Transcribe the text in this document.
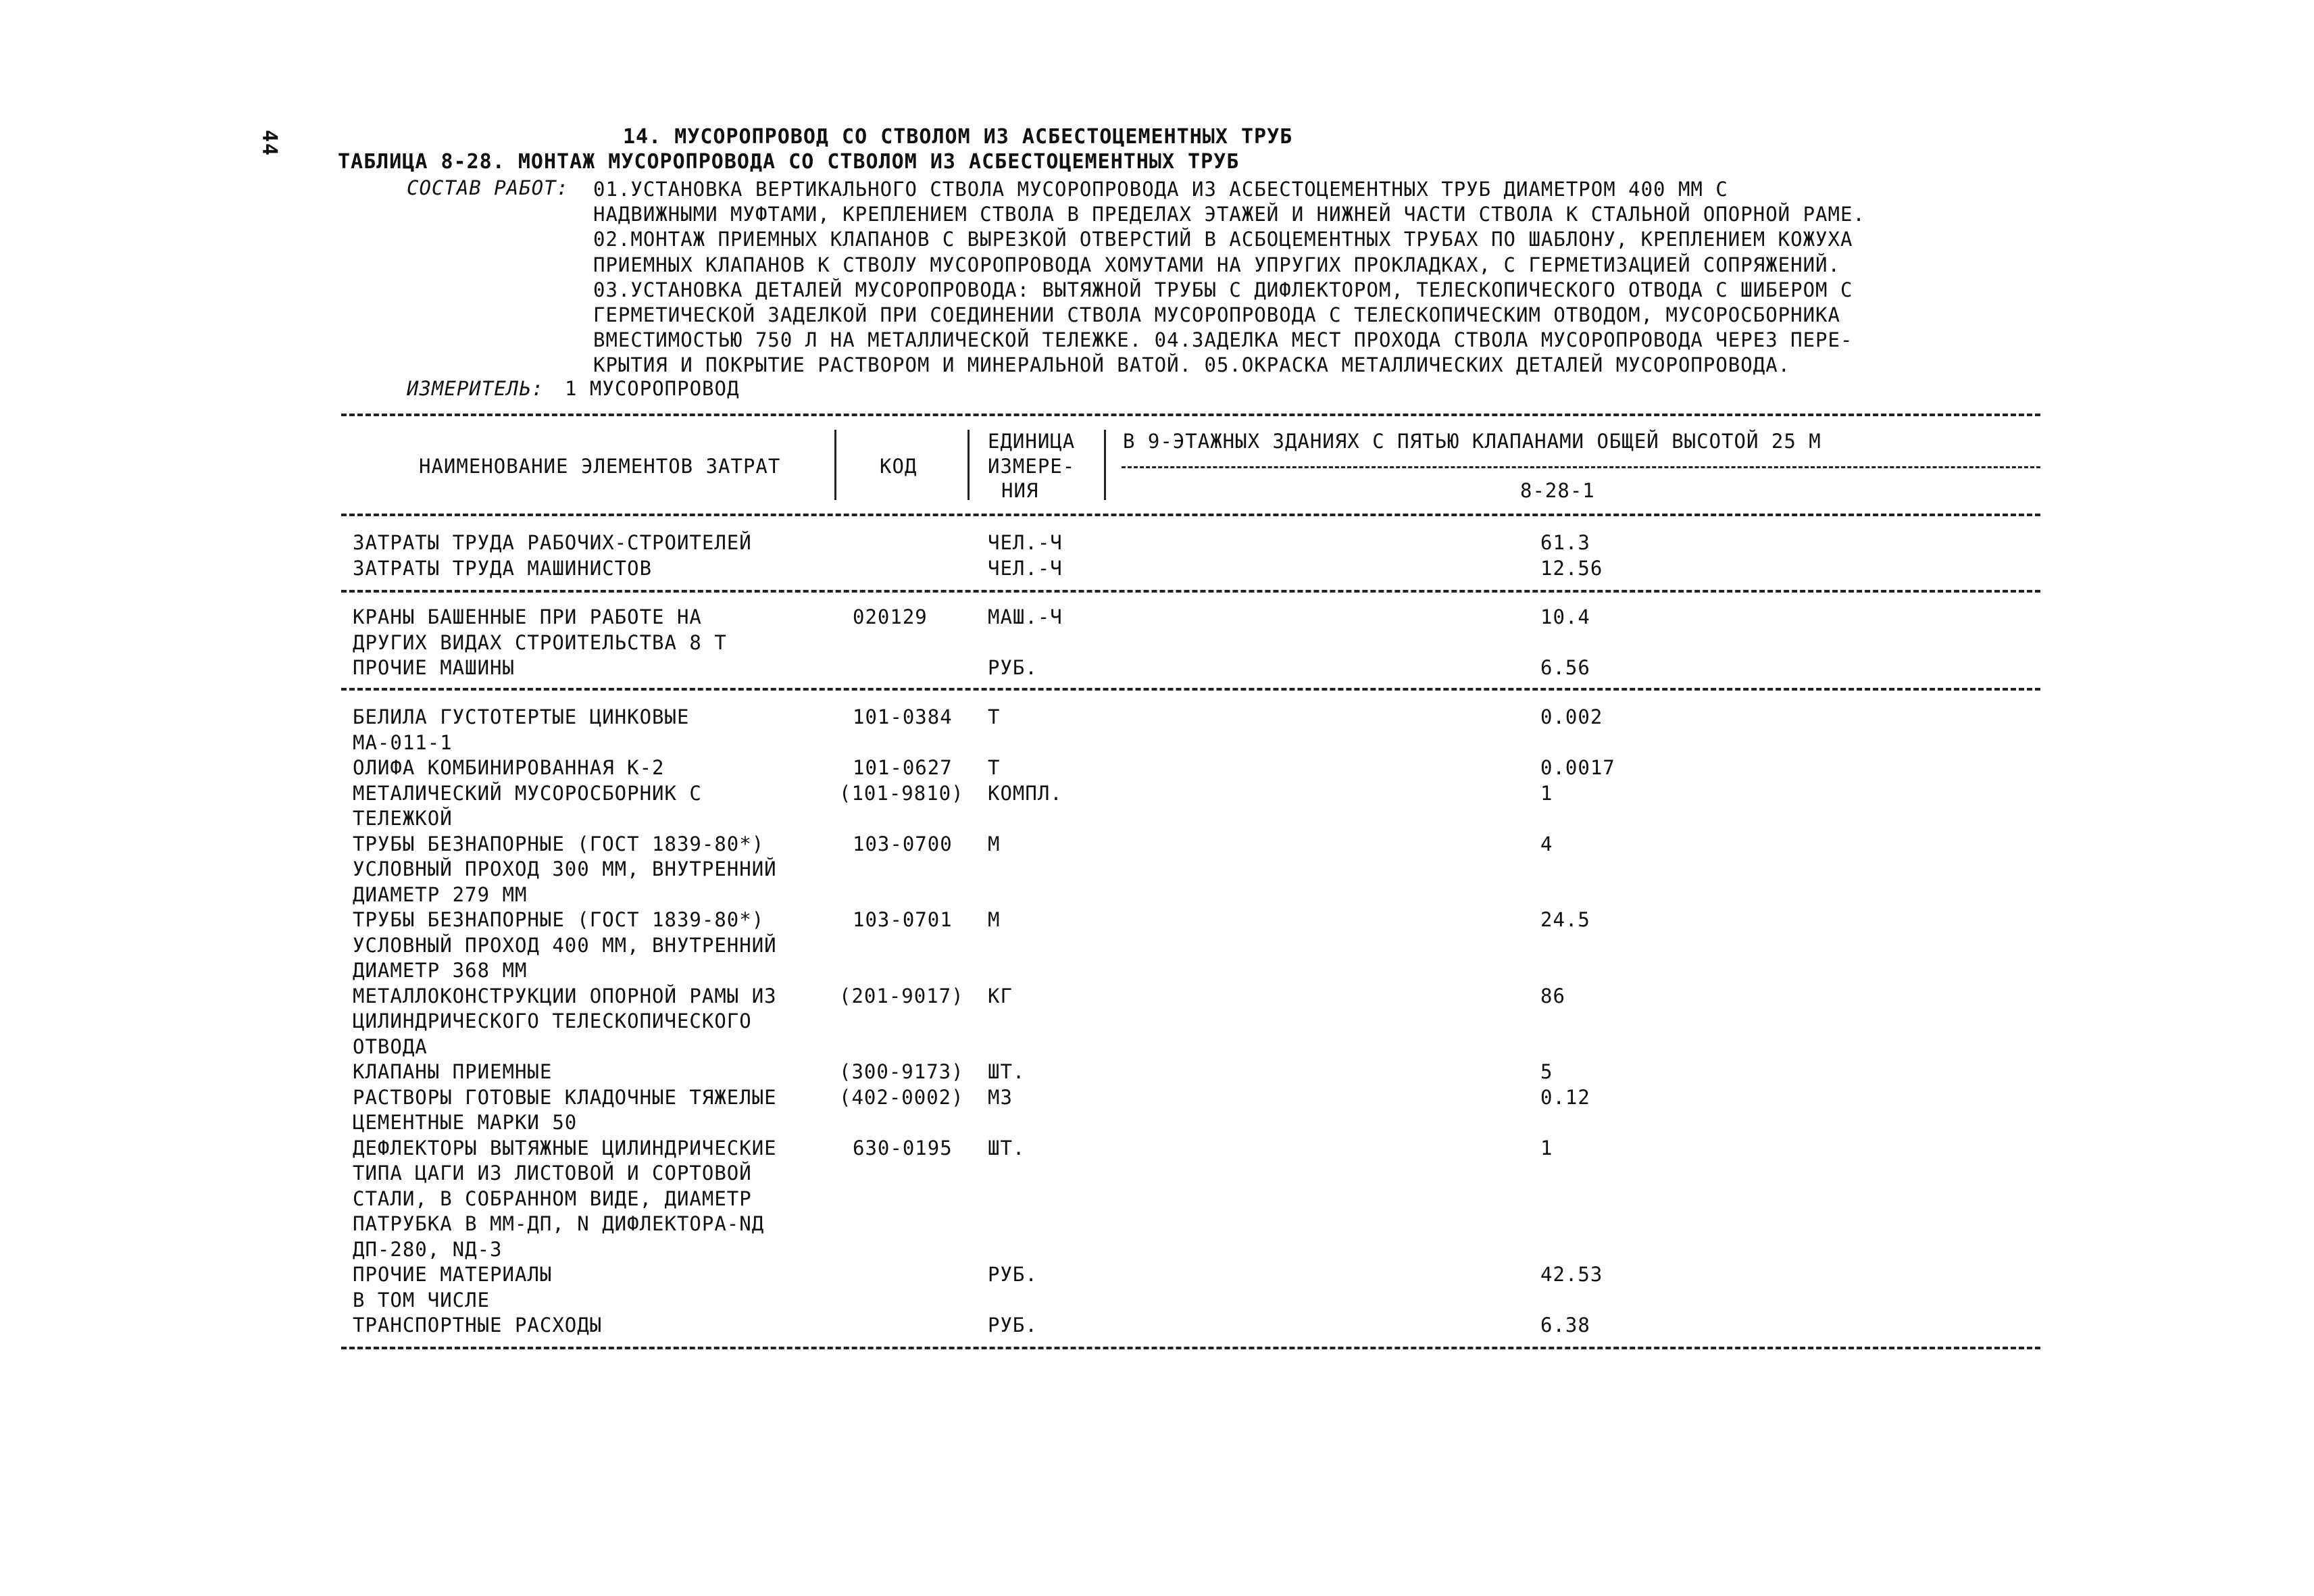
44	14. МУСОРОПРОВОД СО СТВОЛОМ ИЗ АСБЕСТОЦЕМЕНТНЫХ ТРУБ
ТАБЛИЦА 8-28. МОНТАЖ МУСОРОПРОВОДА СО СТВОЛОМ ИЗ АСБЕСТОЦЕМЕНТНЫХ ТРУБ
СОСТАВ РАБОТ: 01.УСТАНОВКА ВЕРТИКАЛЬНОГО СТВОЛА МУСОРОПРОВОДА ИЗ АСБЕСТОЦЕМЕНТНЫХ ТРУБ ДИАМЕТРОМ 400 ММ С
НАДВИЖНЫМИ МУФТАМИ, КРЕПЛЕНИЕМ СТВОЛА В ПРЕДЕЛАХ ЭТАЖЕЙ И НИЖНЕЙ ЧАСТИ СТВОЛА К СТАЛЬНОЙ ОПОРНОЙ РАМЕ.
02.МОНТАЖ ПРИЕМНЫХ КЛАПАНОВ С ВЫРЕЗКОЙ ОТВЕРСТИЙ В АСБОЦЕМЕНТНЫХ ТРУБАХ ПО ШАБЛОНУ, КРЕПЛЕНИЕМ КОЖУХА
ПРИЕМНЫХ КЛАПАНОВ К СТВОЛУ МУСОРОПРОВОДА ХОМУТАМИ НА УПРУГИХ ПРОКЛАДКАХ, С ГЕРМЕТИЗАЦИЕЙ СОПРЯЖЕНИЙ.
03.УСТАНОВКА ДЕТАЛЕЙ МУСОРОПРОВОДА: ВЫТЯЖНОЙ ТРУБЫ С ДИФЛЕКТОРОМ, ТЕЛЕСКОПИЧЕСКОГО ОТВОДА С ШИБЕРОМ С
ГЕРМЕТИЧЕСКОЙ ЗАДЕЛКОЙ ПРИ СОЕДИНЕНИИ СТВОЛА МУСОРОПРОВОДА С ТЕЛЕСКОПИЧЕСКИМ ОТВОДОМ, МУСОРОСБОРНИКА
ВМЕСТИМОСТЬЮ 750 Л НА МЕТАЛЛИЧЕСКОЙ ТЕЛЕЖКЕ. 04.ЗАДЕЛКА МЕСТ ПРОХОДА СТВОЛА МУСОРОПРОВОДА ЧЕРЕЗ ПЕРЕ-
КРЫТИЯ И ПОКРЫТИЕ РАСТВОРОМ И МИНЕРАЛЬНОЙ ВАТОЙ. 05.ОКРАСКА МЕТАЛЛИЧЕСКИХ ДЕТАЛЕЙ МУСОРОПРОВОДА.
ИЗМЕРИТЕЛЬ: 1 МУСОРОПРОВОД
НАИМЕНОВАНИЕ ЭЛЕМЕНТОВ ЗАТРАТ	КОД
ЕДИНИЦА
ИЗМЕРЕ-
НИЯ
В 9-ЭТАЖНЫХ ЗДАНИЯХ С ПЯТЬЮ КЛАПАНАМИ ОБЩЕЙ ВЫСОТОЙ 25 М
8-28-1
ЗАТРАТЫ ТРУДА РАБОЧИХ-СТРОИТЕЛЕЙ	ЧЕЛ.-Ч	61.3
ЗАТРАТЫ ТРУДА МАШИНИСТОВ	ЧЕЛ.-Ч	12.56
КРАНЫ БАШЕННЫЕ ПРИ РАБОТЕ НА
ДРУГИХ ВИДАХ СТРОИТЕЛЬСТВА 8 Т
020129	МАШ.-Ч	10.4
ПРОЧИЕ МАШИНЫ	РУБ.	6.56
БЕЛИЛА ГУСТОТЕРТЫЕ ЦИНКОВЫЕ
МА-011-1
101-0384 Т	0.002
ОЛИФА КОМБИНИРОВАННАЯ К-2	101-0627 Т	0.0017
МЕТАЛИЧЕСКИЙ МУСОРОСБОРНИК С
ТЕЛЕЖКОЙ
(101-9810) КОМПЛ.	1
ТРУБЫ БЕЗНАПОРНЫЕ (ГОСТ 1839-80*)
УСЛОВНЫЙ ПРОХОД 300 ММ, ВНУТРЕННИЙ
ДИАМЕТР 279 ММ
103-0700 М	4
ТРУБЫ БЕЗНАПОРНЫЕ (ГОСТ 1839-80*)
УСЛОВНЫЙ ПРОХОД 400 ММ, ВНУТРЕННИЙ
ДИАМЕТР 368 ММ
103-0701 М	24.5
МЕТАЛЛОКОНСТРУКЦИИ ОПОРНОЙ РАМЫ ИЗ
ЦИЛИНДРИЧЕСКОГО ТЕЛЕСКОПИЧЕСКОГО
ОТВОДА
(201-9017) КГ	86
КЛАПАНЫ ПРИЕМНЫЕ	(300-9173) ШТ.	5
РАСТВОРЫ ГОТОВЫЕ КЛАДОЧНЫЕ ТЯЖЕЛЫЕ
ЦЕМЕНТНЫЕ МАРКИ 50
(402-0002) М3	0.12
ДЕФЛЕКТОРЫ ВЫТЯЖНЫЕ ЦИЛИНДРИЧЕСКИЕ
ТИПА ЦАГИ ИЗ ЛИСТОВОЙ И СОРТОВОЙ
СТАЛИ, В СОБРАННОМ ВИДЕ, ДИАМЕТР
ПАТРУБКА В ММ-ДП, N ДИФЛЕКТОРА-NД
ДП-280, NД-3
630-0195 ШТ.	1
ПРОЧИЕ МАТЕРИАЛЫ	РУБ.	42.53
В ТОМ ЧИСЛЕ
ТРАНСПОРТНЫЕ РАСХОДЫ	РУБ.	6.38
